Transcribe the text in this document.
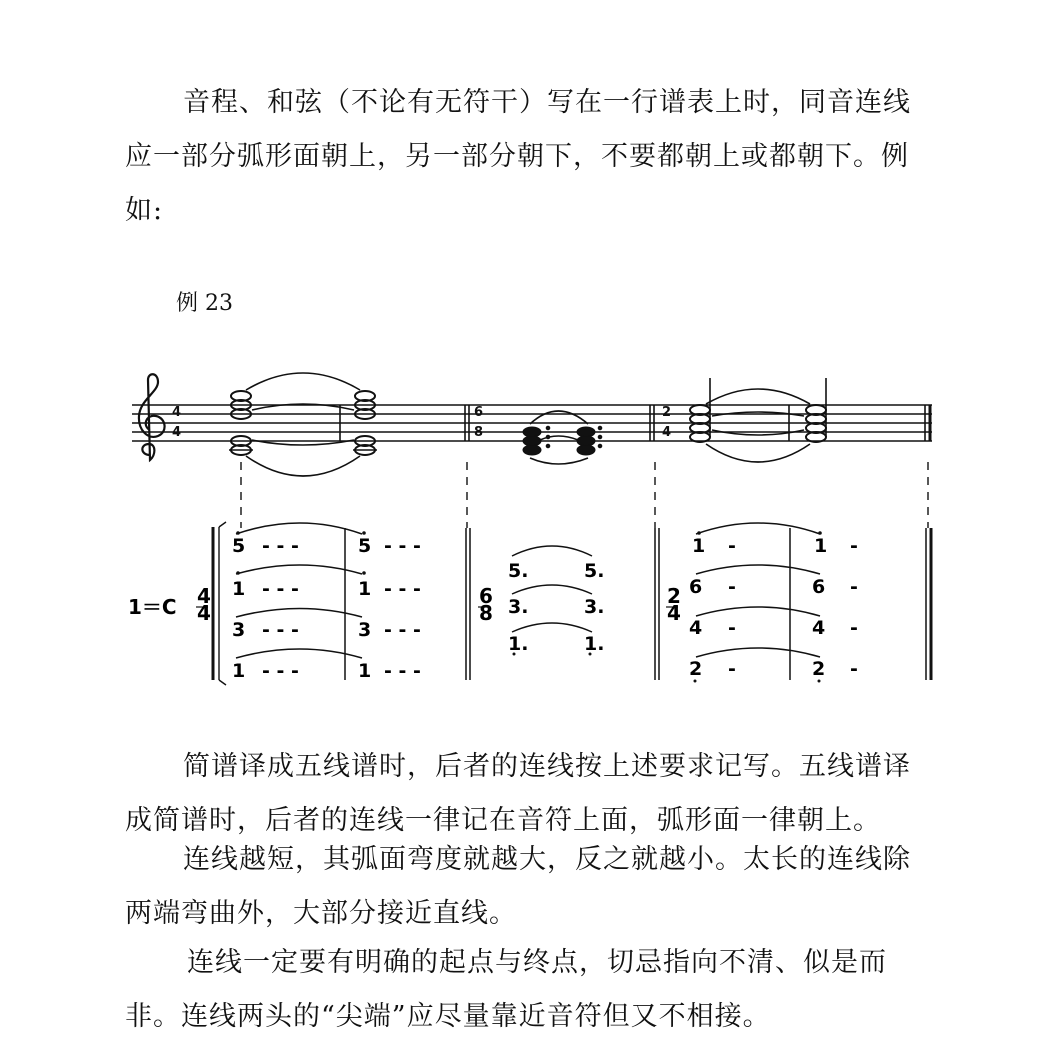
音程、和弦（不论有无符干）写在一行谱表上时，同音连线应一部分弧形面朝上，另一部分朝下，不要都朝上或都朝下。例如:

例 23
4
4
6
8
2
4
1＝C 4
4
5 - - -	5 - - -
1 - - -	1 - - -
3 - - -	3 - - -
1 - - -	1 - - -
6
8
5.	5.
3.	3.
1.	1.
2
4
1 -	1 -
6 -	6 -
4 -	4 -
2 -	2 -

简谱译成五线谱时，后者的连线按上述要求记写。五线谱译成简谱时，后者的连线一律记在音符上面，弧形面一律朝上。

连线越短，其弧面弯度就越大，反之就越小。太长的连线除两端弯曲外，大部分接近直线。

连线一定要有明确的起点与终点，切忌指向不清、似是而非。连线两头的“尖端”应尽量靠近音符但又不相接。
